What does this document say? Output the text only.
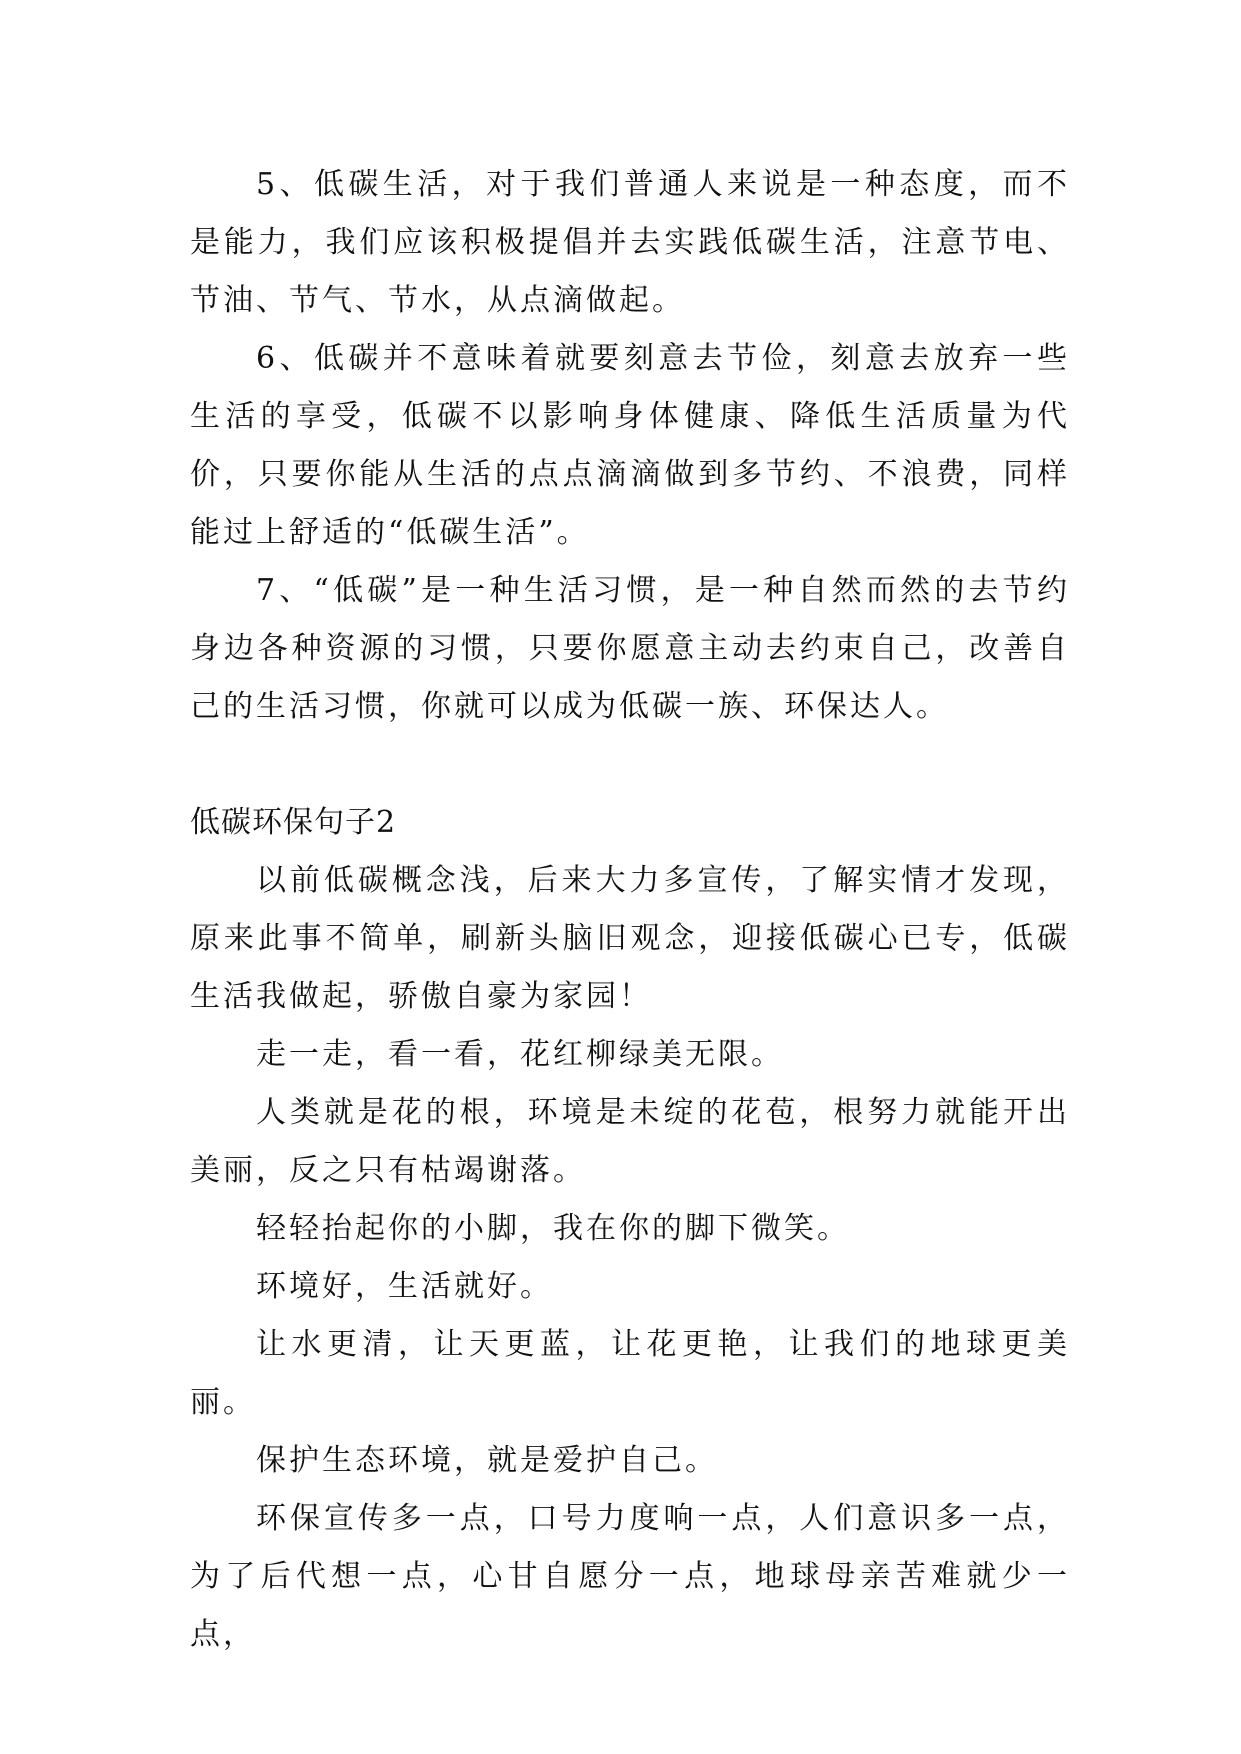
5、低碳生活，对于我们普通人来说是一种态度，而不是能力，我们应该积极提倡并去实践低碳生活，注意节电、节油、节气、节水，从点滴做起。

6、低碳并不意味着就要刻意去节俭，刻意去放弃一些生活的享受，低碳不以影响身体健康、降低生活质量为代价，只要你能从生活的点点滴滴做到多节约、不浪费，同样能过上舒适的“低碳生活”。

7、“低碳”是一种生活习惯，是一种自然而然的去节约身边各种资源的习惯，只要你愿意主动去约束自己，改善自己的生活习惯，你就可以成为低碳一族、环保达人。

低碳环保句子2

以前低碳概念浅，后来大力多宣传，了解实情才发现，原来此事不简单，刷新头脑旧观念，迎接低碳心已专，低碳生活我做起，骄傲自豪为家园！

走一走，看一看，花红柳绿美无限。

人类就是花的根，环境是未绽的花苞，根努力就能开出美丽，反之只有枯竭谢落。

轻轻抬起你的小脚，我在你的脚下微笑。

环境好，生活就好。

让水更清，让天更蓝，让花更艳，让我们的地球更美丽。

保护生态环境，就是爱护自己。

环保宣传多一点，口号力度响一点，人们意识多一点，为了后代想一点，心甘自愿分一点，地球母亲苦难就少一点，
